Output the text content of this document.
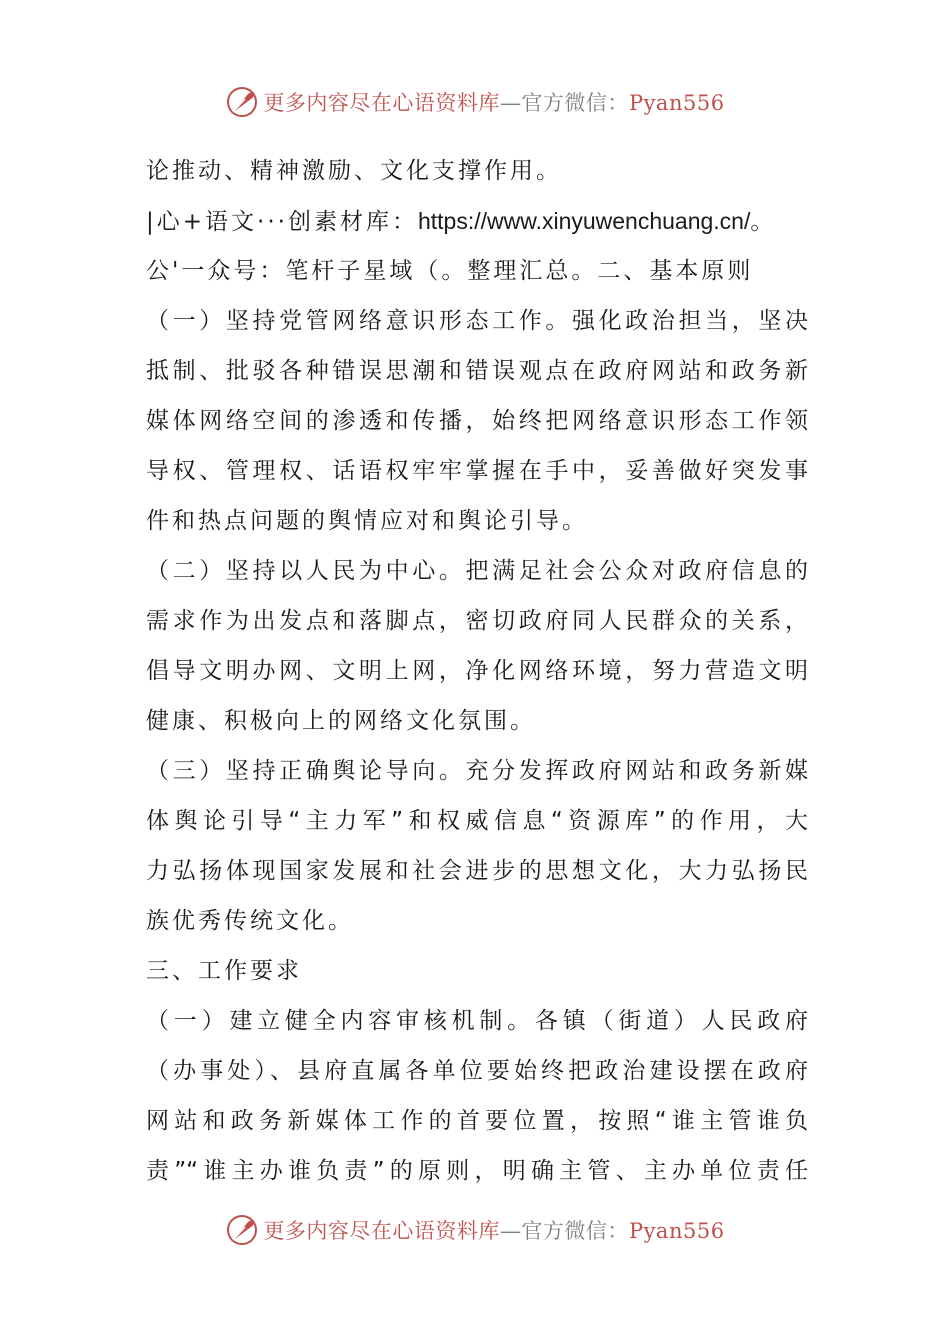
更多内容尽在心语资料库—官方微信：Pyan556
论推动、精神激励、文化支撑作用。
|心+语文···创素材库：https://www.xinyuwenchuang.cn/。
公'一众号：笔杆子星域（。整理汇总。二、基本原则
（一）坚持党管网络意识形态工作。强化政治担当，坚决
抵制、批驳各种错误思潮和错误观点在政府网站和政务新
媒体网络空间的渗透和传播，始终把网络意识形态工作领
导权、管理权、话语权牢牢掌握在手中，妥善做好突发事
件和热点问题的舆情应对和舆论引导。
（二）坚持以人民为中心。把满足社会公众对政府信息的
需求作为出发点和落脚点，密切政府同人民群众的关系，
倡导文明办网、文明上网，净化网络环境，努力营造文明
健康、积极向上的网络文化氛围。
（三）坚持正确舆论导向。充分发挥政府网站和政务新媒
体舆论引导“主力军”和权威信息“资源库”的作用，大
力弘扬体现国家发展和社会进步的思想文化，大力弘扬民
族优秀传统文化。
三、工作要求
（一）建立健全内容审核机制。各镇（街道）人民政府
（办事处）、县府直属各单位要始终把政治建设摆在政府
网站和政务新媒体工作的首要位置，按照“谁主管谁负
责”“谁主办谁负责”的原则，明确主管、主办单位责任
更多内容尽在心语资料库—官方微信：Pyan556
